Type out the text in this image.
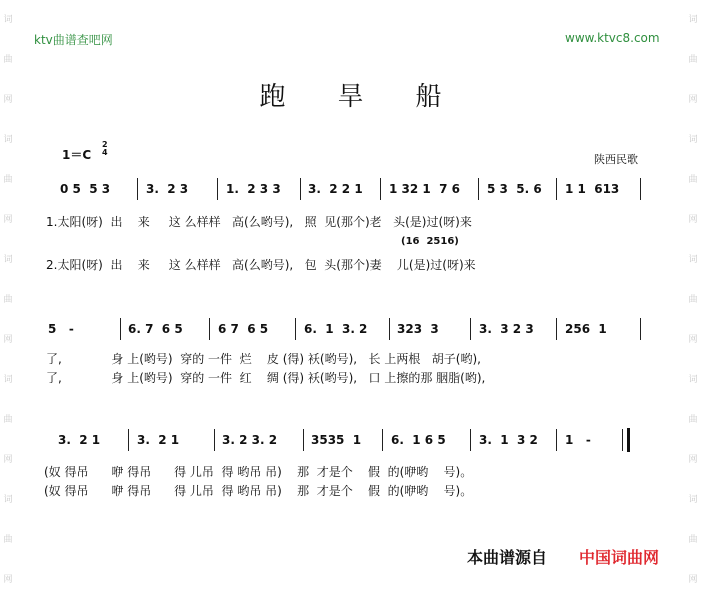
词
曲
网
词
曲
网
词
曲
网
词
曲
网
词
曲
网
词
曲
网
词
曲
网
词
曲
网
词
曲
网
词
曲
网
ktv曲谱查吧网	www.ktvc8.com
跑 旱 船
1＝C
2
4
陕西民歌
0 5  5 3	3.  2 3	1.  2 3 3 3.  2 2 1 1 32 1  7 6 5 3  5. 6 1 1  613
1.太阳(呀)  出    来     这 么样样   高(么哟号),   照  见(那个)老   头(是)过(呀)来
(16  2516)
2.太阳(呀)  出    来     这 么样样   高(么哟号),   包  头(那个)妻    儿(是)过(呀)来
5   -	6. 7  6 5	6 7  6 5	6.  1  3. 2 323  3	3.  3 2 3	256  1
了,             身 上(哟号)  穿的 一件  烂    皮 (得) 袄(哟号),   长 上两根   胡子(哟),
了,             身 上(哟号)  穿的 一件  红    绸 (得) 袄(哟号),   口 上擦的那 胭脂(哟),
3.  2 1	3.  2 1	3. 2 3. 2	3535  1 6.  1 6 5	3.  1  3 2 1   -
(奴 得吊      咿 得吊      得 儿吊  得 哟吊 吊)    那  才是个    假  的(咿哟    号)。
(奴 得吊      咿 得吊      得 儿吊  得 哟吊 吊)    那  才是个    假  的(咿哟    号)。
本曲谱源自 中国词曲网
